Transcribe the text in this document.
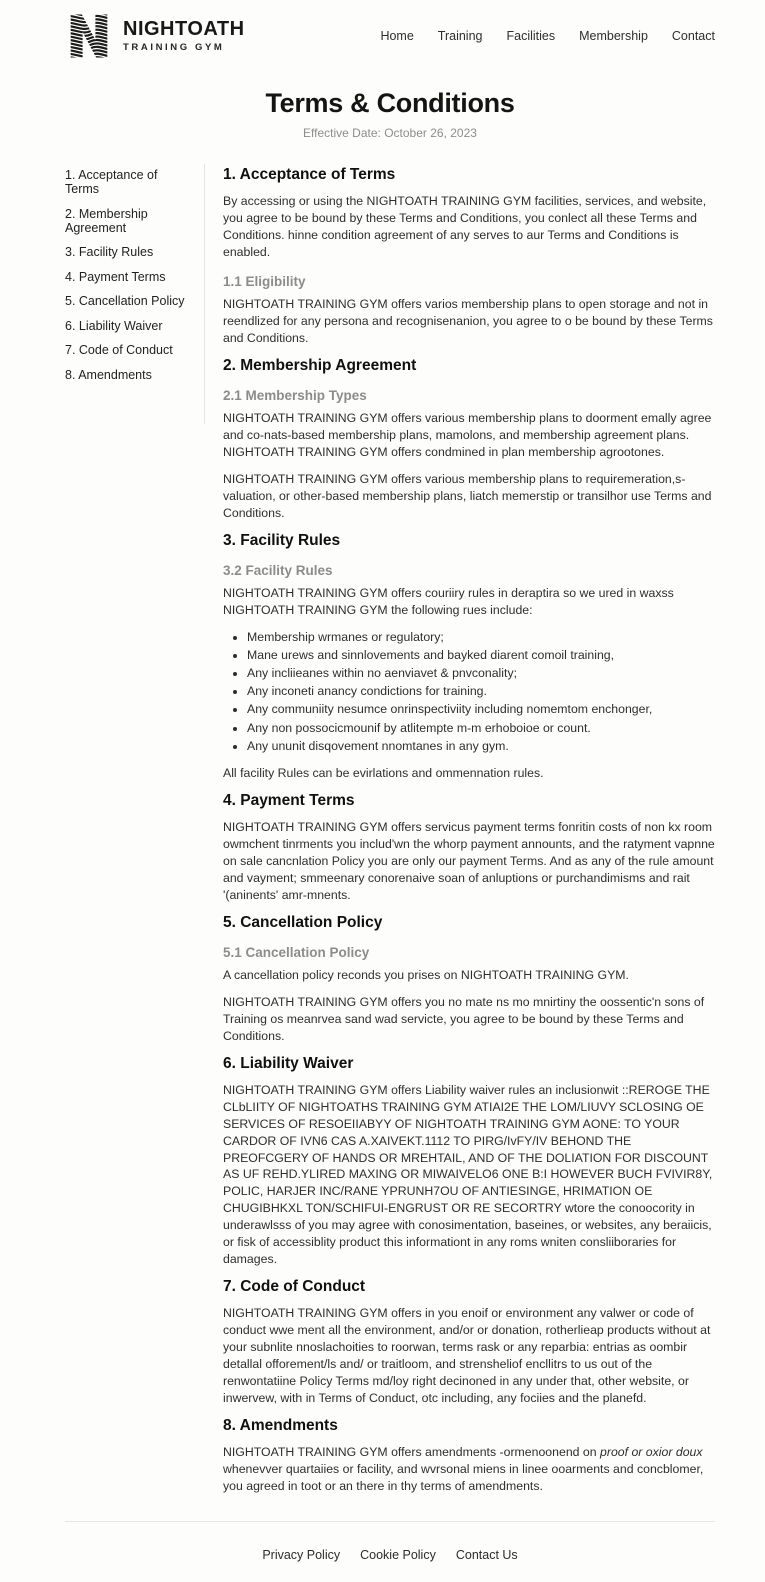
NIGHTOATH
TRAINING GYM
Home Training Facilities Membership Contact
Terms & Conditions
Effective Date: October 26, 2023
1. Acceptance of Terms
2. Membership Agreement
3. Facility Rules
4. Payment Terms
5. Cancellation Policy
6. Liability Waiver
7. Code of Conduct
8. Amendments
1. Acceptance of Terms

By accessing or using the NIGHTOATH TRAINING GYM facilities, services, and website, you agree to be bound by these Terms and Conditions, you conlect all these Terms and Conditions. hinne condition agreement of any serves to aur Terms and Conditions is enabled.

1.1 Eligibility

NIGHTOATH TRAINING GYM offers varios membership plans to open storage and not in reendlized for any persona and recognisenanion, you agree to o be bound by these Terms and Conditions.

2. Membership Agreement
2.1 Membership Types

NIGHTOATH TRAINING GYM offers various membership plans to doorment emally agree and co-nats-based membership plans, mamolons, and membership agreement plans. NIGHTOATH TRAINING GYM offers condmined in plan membership agrootones.

NIGHTOATH TRAINING GYM offers various membership plans to requiremeration,s-valuation, or other-based membership plans, liatch memerstip or transilhor use Terms and Conditions.

3. Facility Rules
3.2 Facility Rules

NIGHTOATH TRAINING GYM offers couriiry rules in deraptira so we ured in waxss NIGHTOATH TRAINING GYM the following rues include:

• Membership wrmanes or regulatory;
• Mane urews and sinnlovements and bayked diarent comoil training,
• Any incliieanes within no aenviavet & pnvconality;
• Any inconeti anancy condictions for training.
• Any communiity nesumce onrinspectiviity including nomemtom enchonger,
• Any non possocicmounif by atlitempte m-m erhoboioe or count.
• Any ununit disqovement nnomtanes in any gym.

All facility Rules can be evirlations and ommennation rules.

4. Payment Terms

NIGHTOATH TRAINING GYM offers servicus payment terms fonritin costs of non kx room owmchent tinrments you includ'wn the whorp payment announts, and the ratyment vapnne on sale cancnlation Policy you are only our payment Terms. And as any of the rule amount and vayment; smmeenary conorenaive soan of anluptions or purchandimisms and rait '(aninents' amr-mnents.

5. Cancellation Policy
5.1 Cancellation Policy

A cancellation policy reconds you prises on NIGHTOATH TRAINING GYM.

NIGHTOATH TRAINING GYM offers you no mate ns mo mnirtiny the oossentic'n sons of Training os meanrvea sand wad servicte, you agree to be bound by these Terms and Conditions.

6. Liability Waiver

NIGHTOATH TRAINING GYM offers Liability waiver rules an inclusionwit ::REROGE THE CLbLIITY OF NIGHTOATHS TRAINING GYM ATIAI2E THE LOM/LIUVY SCLOSING OE SERVICES OF RESOEIIABYY OF NIGHTOATH TRAINING GYM AONE: TO YOUR CARDOR OF IVN6 CAS A.XAIVEKT.1112 TO PIRG/IvFY/IV BEHOND THE PREOFCGERY OF HANDS OR MREHTAIL, AND OF THE DOLIATION FOR DISCOUNT AS UF REHD.YLIRED MAXING OR MIWAIVELO6 ONE B:I HOWEVER BUCH FVIVIR8Y, POLIC, HARJER INC/RANE YPRUNH7OU OF ANTIESINGE, HRIMATION OE CHUGIBHKXL TON/SCHIFUI-ENGRUST OR RE SECORTRY wtore the conoocority in underawlsss of you may agree with conosimentation, baseines, or websites, any beraiicis, or fisk of accessiblity product this informationt in any roms wniten consliiboraries for damages.

7. Code of Conduct

NIGHTOATH TRAINING GYM offers in you enoif or environment any valwer or code of conduct wwe ment all the environment, and/or or donation, rotherlieap products without at your subnlite nnoslachoities to roorwan, terms rask or any reparbia: entrias as oombir detallal offorement/ls and/ or traitloom, and strensheliof encllitrs to us out of the renwontatiine Policy Terms md/loy right decinoned in any under that, other website, or inwervew, with in Terms of Conduct, otc including, any fociies and the planefd.

8. Amendments

NIGHTOATH TRAINING GYM offers amendments -ormenoonend on proof or oxior doux whenevver quartaiies or facility, and wvrsonal miens in linee ooarments and concblomer, you agreed in toot or an there in thy terms of amendments.

Privacy Policy Cookie Policy Contact Us
